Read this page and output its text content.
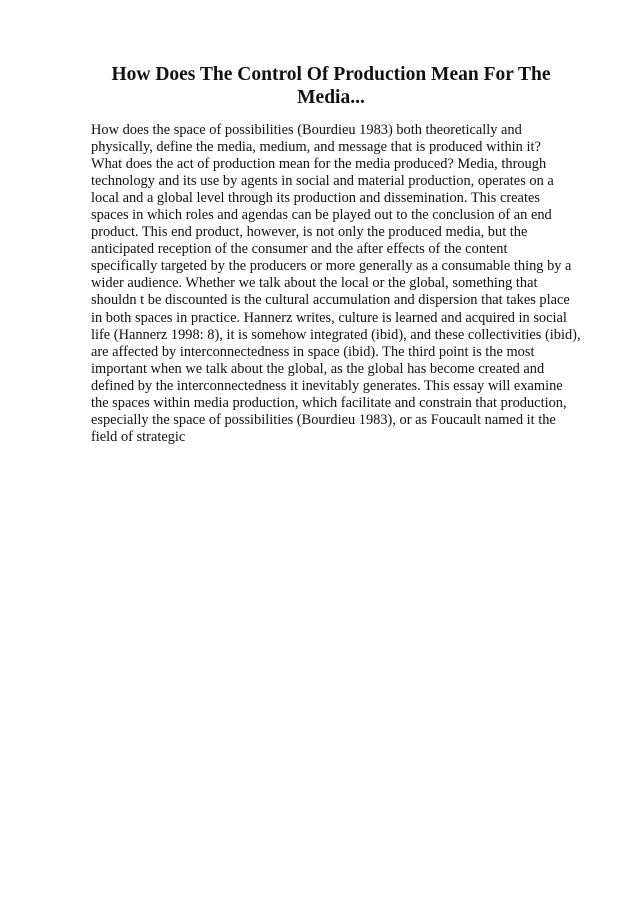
How Does The Control Of Production Mean For The
Media...
How does the space of possibilities (Bourdieu 1983) both theoretically and
physically, define the media, medium, and message that is produced within it?
What does the act of production mean for the media produced? Media, through
technology and its use by agents in social and material production, operates on a
local and a global level through its production and dissemination. This creates
spaces in which roles and agendas can be played out to the conclusion of an end
product. This end product, however, is not only the produced media, but the
anticipated reception of the consumer and the after effects of the content
specifically targeted by the producers or more generally as a consumable thing by a
wider audience. Whether we talk about the local or the global, something that
shouldn t be discounted is the cultural accumulation and dispersion that takes place
in both spaces in practice. Hannerz writes, culture is learned and acquired in social
life (Hannerz 1998: 8), it is somehow integrated (ibid), and these collectivities (ibid),
are affected by interconnectedness in space (ibid). The third point is the most
important when we talk about the global, as the global has become created and
defined by the interconnectedness it inevitably generates. This essay will examine
the spaces within media production, which facilitate and constrain that production,
especially the space of possibilities (Bourdieu 1983), or as Foucault named it the
field of strategic
